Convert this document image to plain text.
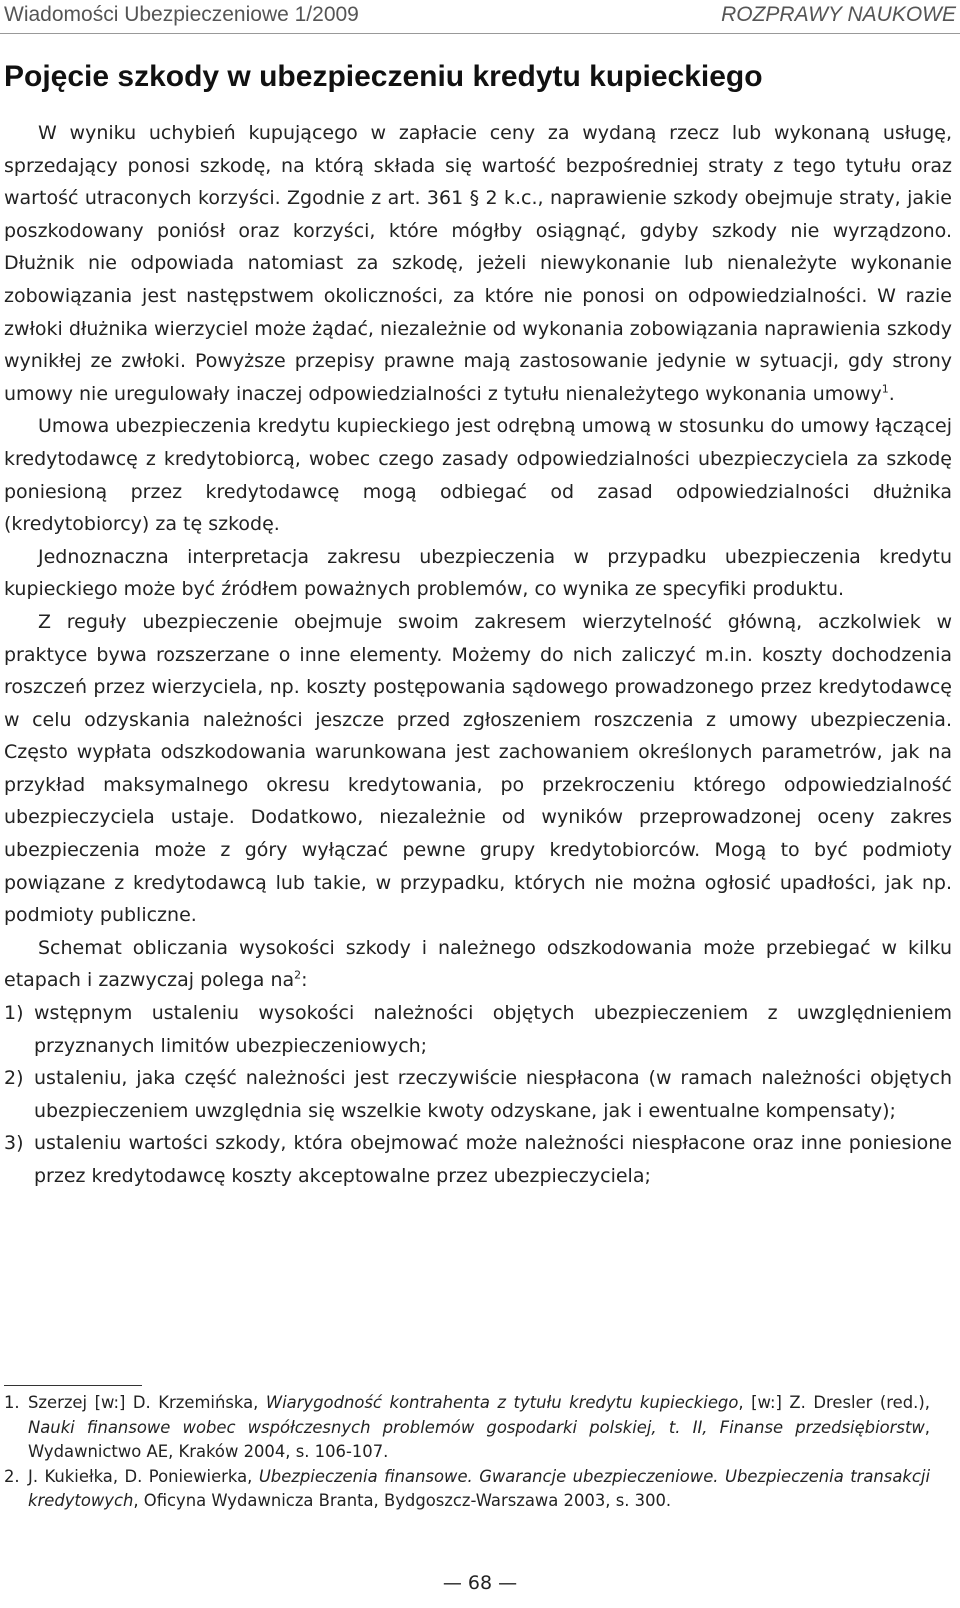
Wiadomości Ubezpieczeniowe 1/2009	ROZPRAWY NAUKOWE
Pojęcie szkody w ubezpieczeniu kredytu kupieckiego

W wyniku uchybień kupującego w zapłacie ceny za wydaną rzecz lub wykonaną usługę, sprzedający ponosi szkodę, na którą składa się wartość bezpośredniej straty z tego tytułu oraz wartość utraconych korzyści. Zgodnie z art. 361 § 2 k.c., naprawienie szkody obejmuje straty, jakie poszkodowany poniósł oraz korzyści, które mógłby osiągnąć, gdyby szkody nie wyrządzono. Dłużnik nie odpowiada natomiast za szkodę, jeżeli niewykonanie lub nienależyte wykonanie zobowiązania jest następstwem okoliczności, za które nie ponosi on odpowiedzialności. W razie zwłoki dłużnika wierzyciel może żądać, niezależnie od wykonania zobowiązania naprawienia szkody wynikłej ze zwłoki. Powyższe przepisy prawne mają zastosowanie jedynie w sytuacji, gdy strony umowy nie uregulowały inaczej odpowiedzialności z tytułu nienależytego wykonania umowy$^1$.

Umowa ubezpieczenia kredytu kupieckiego jest odrębną umową w stosunku do umowy łączącej kredytodawcę z kredytobiorcą, wobec czego zasady odpowiedzialności ubezpieczyciela za szkodę poniesioną przez kredytodawcę mogą odbiegać od zasad odpowiedzialności dłużnika (kredytobiorcy) za tę szkodę.

Jednoznaczna interpretacja zakresu ubezpieczenia w przypadku ubezpieczenia kredytu kupieckiego może być źródłem poważnych problemów, co wynika ze specyfiki produktu.

Z reguły ubezpieczenie obejmuje swoim zakresem wierzytelność główną, aczkolwiek w praktyce bywa rozszerzane o inne elementy. Możemy do nich zaliczyć m.in. koszty dochodzenia roszczeń przez wierzyciela, np. koszty postępowania sądowego prowadzonego przez kredytodawcę w celu odzyskania należności jeszcze przed zgłoszeniem roszczenia z umowy ubezpieczenia. Często wypłata odszkodowania warunkowana jest zachowaniem określonych parametrów, jak na przykład maksymalnego okresu kredytowania, po przekroczeniu którego odpowiedzialność ubezpieczyciela ustaje. Dodatkowo, niezależnie od wyników przeprowadzonej oceny zakres ubezpieczenia może z góry wyłączać pewne grupy kredytobiorców. Mogą to być podmioty powiązane z kredytodawcą lub takie, w przypadku, których nie można ogłosić upadłości, jak np. podmioty publiczne.

Schemat obliczania wysokości szkody i należnego odszkodowania może przebiegać w kilku etapach i zazwyczaj polega $na^2$:

1) wstępnym ustaleniu wysokości należności objętych ubezpieczeniem z uwzględnieniem przyznanych limitów ubezpieczeniowych;
2) ustaleniu, jaka część należności jest rzeczywiście niespłacona (w ramach należności objętych ubezpieczeniem uwzględnia się wszelkie kwoty odzyskane, jak i ewentualne kompensaty);
3) ustaleniu wartości szkody, która obejmować może należności niespłacone oraz inne poniesione przez kredytodawcę koszty akceptowalne przez ubezpieczyciela;
1. Szerzej [w:] D. Krzemińska, Wiarygodność kontrahenta z tytułu kredytu kupieckiego, [w:] Z. Dresler (red.), Nauki finansowe wobec współczesnych problemów gospodarki polskiej, t. II, Finanse przedsiębiorstw, Wydawnictwo AE, Kraków 2004, s. 106-107.
2. J. Kukiełka, D. Poniewierka, Ubezpieczenia finansowe. Gwarancje ubezpieczeniowe. Ubezpieczenia transakcji kredytowych, Oficyna Wydawnicza Branta, Bydgoszcz-Warszawa 2003, s. 300.
— 68 —
